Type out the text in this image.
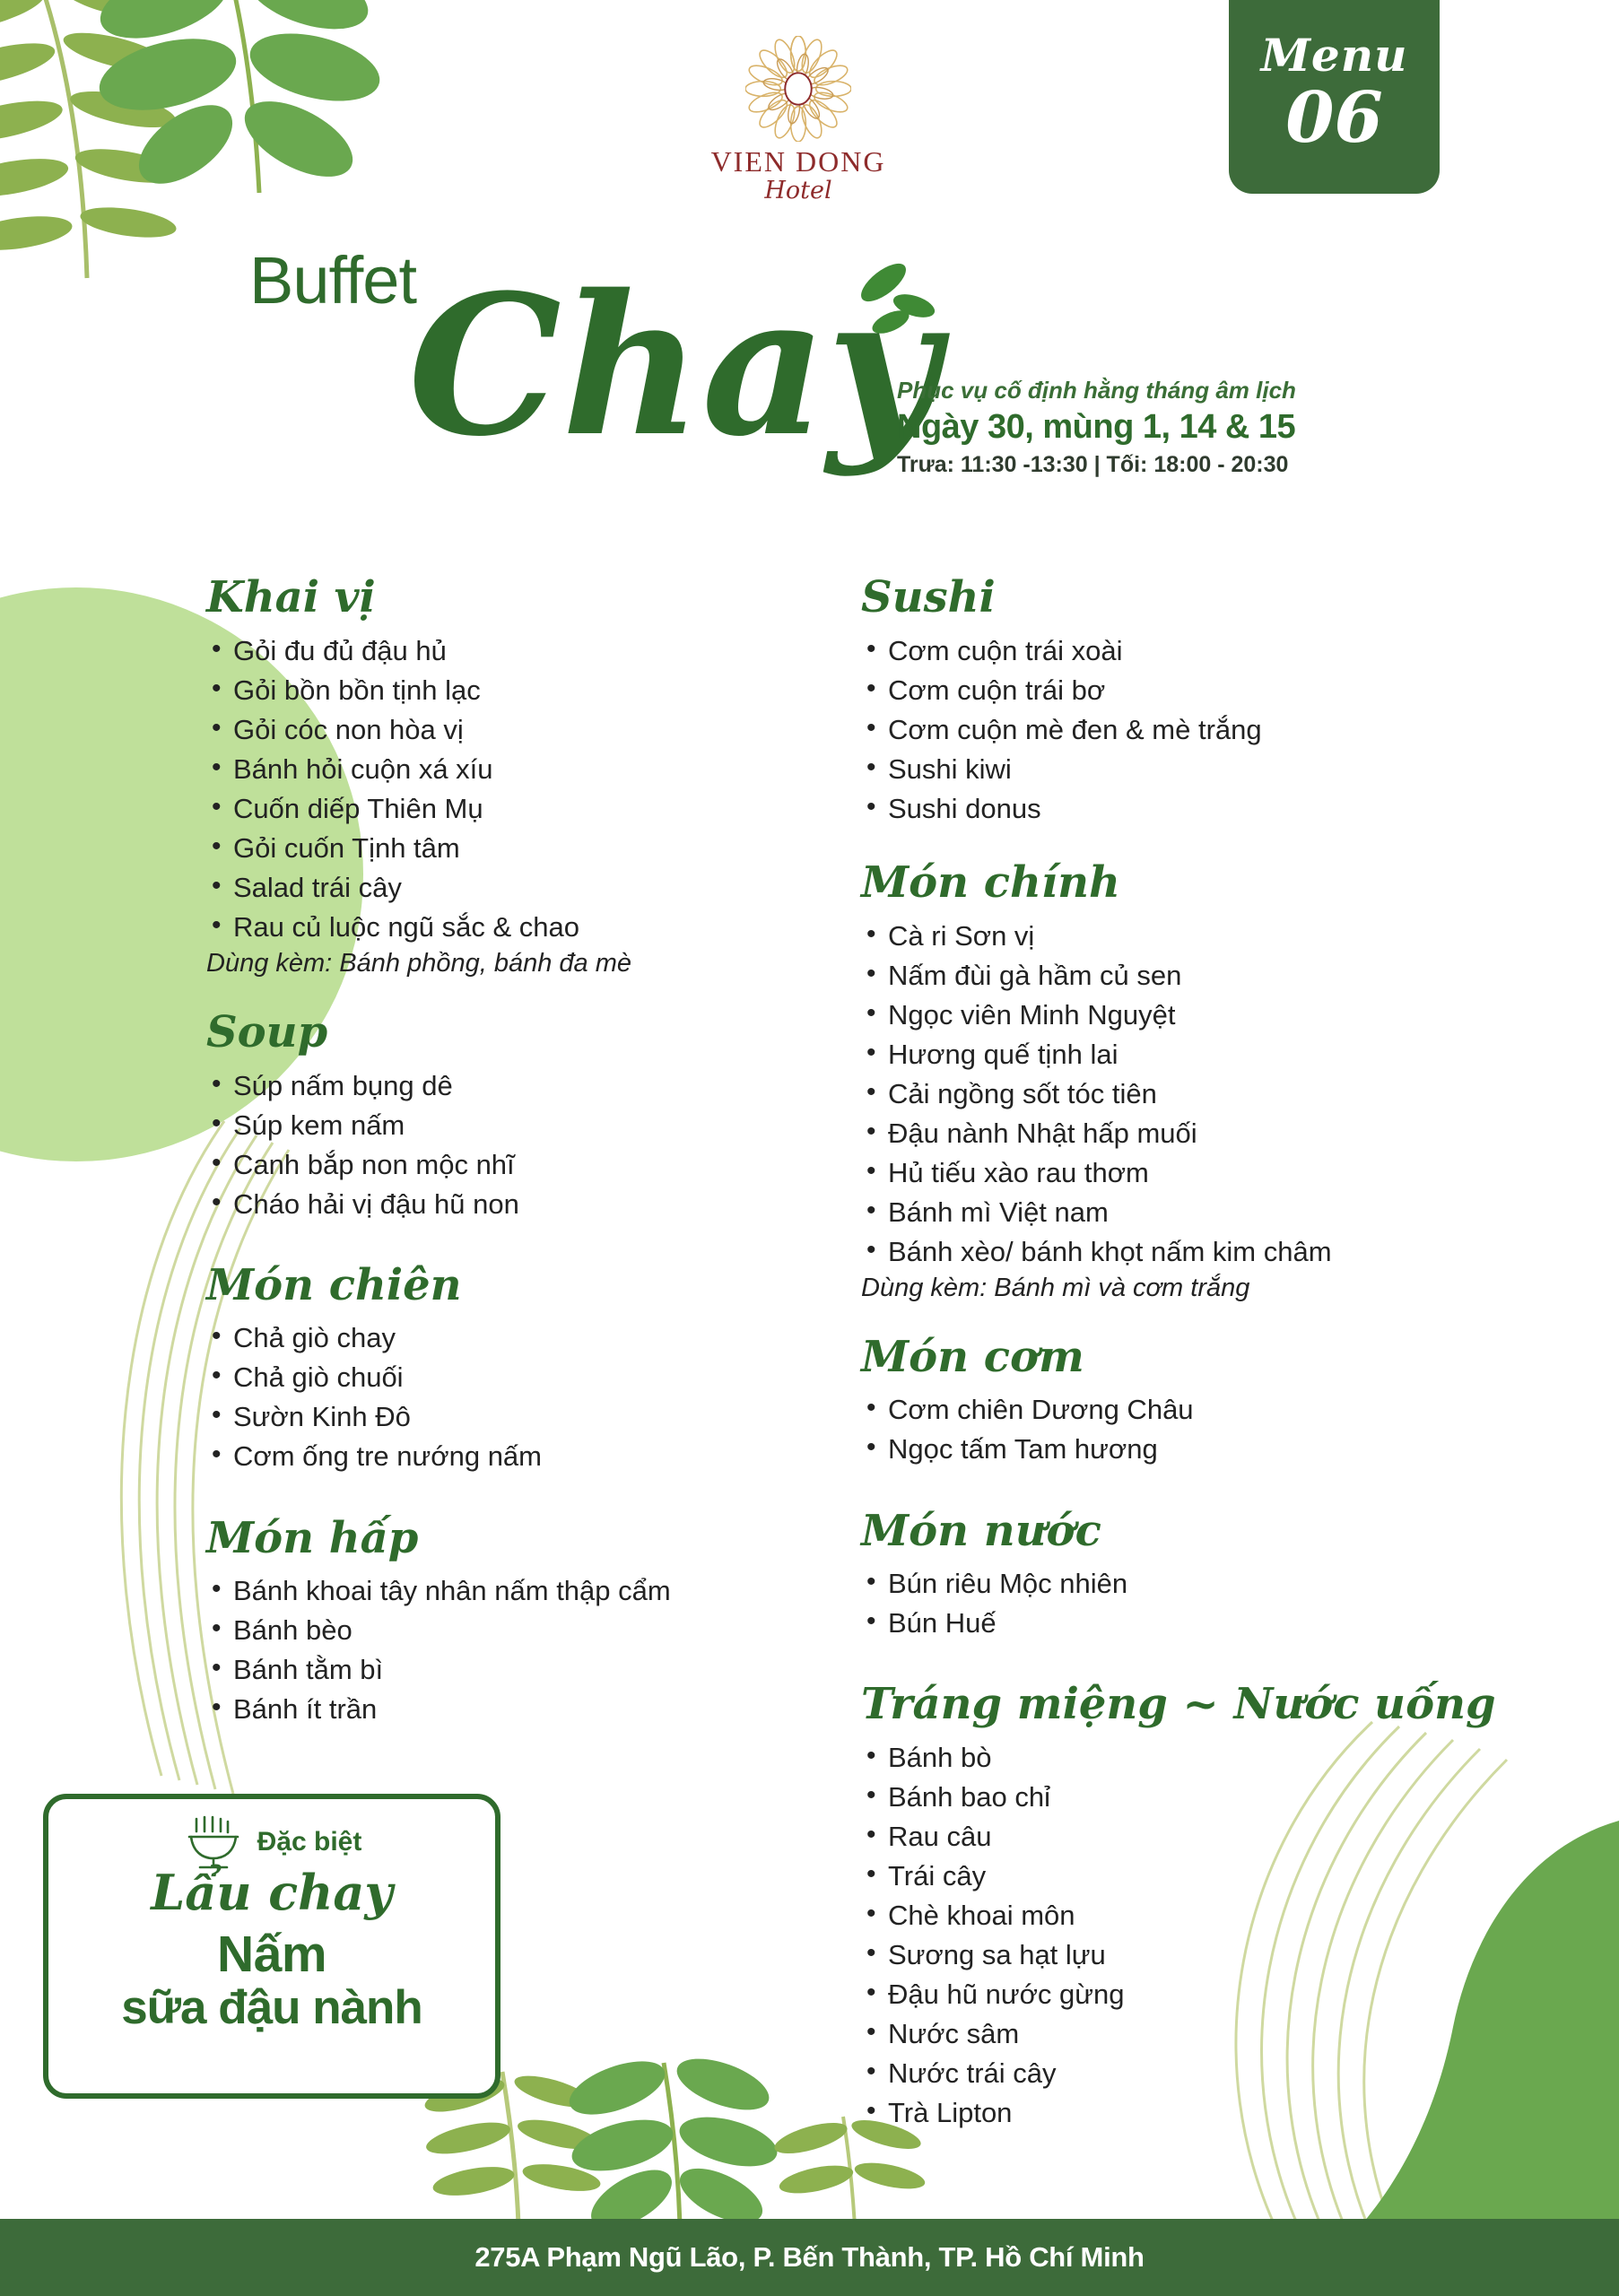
VIEN DONG
Hotel
Menu
06
Buffet
Chay
Phục vụ cố định hằng tháng âm lịch
Ngày 30, mùng 1, 14 & 15
Trưa: 11:30 -13:30 | Tối: 18:00 - 20:30
Khai vị
• Gỏi đu đủ đậu hủ
• Gỏi bồn bồn tịnh lạc
• Gỏi cóc non hòa vị
• Bánh hỏi cuộn xá xíu
• Cuốn diếp Thiên Mụ
• Gỏi cuốn Tịnh tâm
• Salad trái cây
• Rau củ luộc ngũ sắc & chao
Dùng kèm: Bánh phồng, bánh đa mè
Soup
• Súp nấm bụng dê
• Súp kem nấm
• Canh bắp non mộc nhĩ
• Cháo hải vị đậu hũ non
Món chiên
• Chả giò chay
• Chả giò chuối
• Sườn Kinh Đô
• Cơm ống tre nướng nấm
Món hấp
• Bánh khoai tây nhân nấm thập cẩm
• Bánh bèo
• Bánh tằm bì
• Bánh ít trần
Sushi
• Cơm cuộn trái xoài
• Cơm cuộn trái bơ
• Cơm cuộn mè đen & mè trắng
• Sushi kiwi
• Sushi donus
Món chính
• Cà ri Sơn vị
• Nấm đùi gà hầm củ sen
• Ngọc viên Minh Nguyệt
• Hương quế tịnh lai
• Cải ngồng sốt tóc tiên
• Đậu nành Nhật hấp muối
• Hủ tiếu xào rau thơm
• Bánh mì Việt nam
• Bánh xèo/ bánh khọt nấm kim châm
Dùng kèm: Bánh mì và cơm trắng
Món cơm
• Cơm chiên Dương Châu
• Ngọc tấm Tam hương
Món nước
• Bún riêu Mộc nhiên
• Bún Huế
Tráng miệng ~ Nước uống
• Bánh bò
• Bánh bao chỉ
• Rau câu
• Trái cây
• Chè khoai môn
• Sương sa hạt lựu
• Đậu hũ nước gừng
• Nước sâm
• Nước trái cây
• Trà Lipton
Đặc biệt
Lẩu chay
Nấm
sữa đậu nành
275A Phạm Ngũ Lão, P. Bến Thành, TP. Hồ Chí Minh
